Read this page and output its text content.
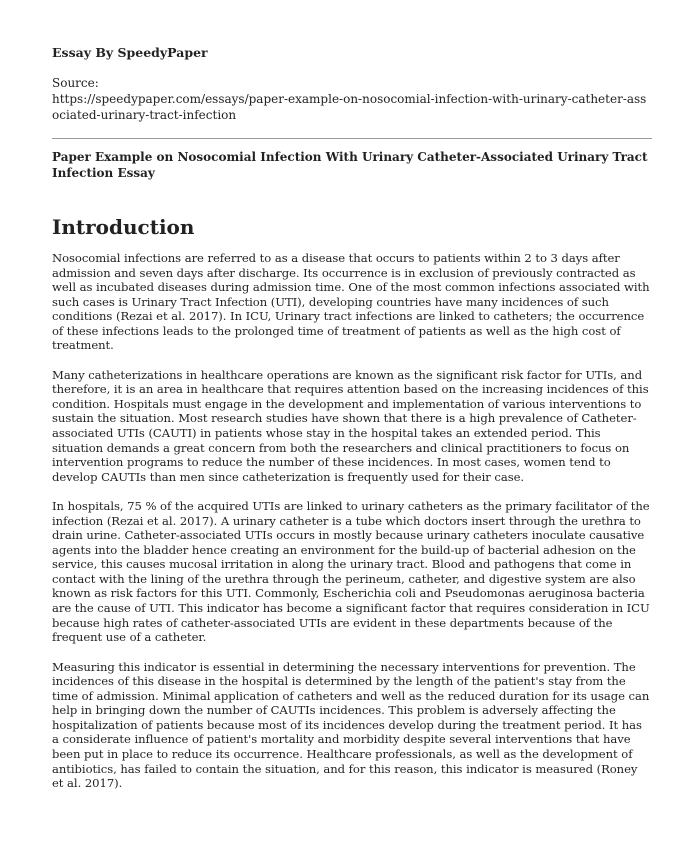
Essay By SpeedyPaper
Source:
https://speedypaper.com/essays/paper-example-on-nosocomial-infection-with-urinary-catheter-associated-urinary-tract-infection
Paper Example on Nosocomial Infection With Urinary Catheter-Associated Urinary Tract Infection Essay
Introduction

Nosocomial infections are referred to as a disease that occurs to patients within 2 to 3 days after admission and seven days after discharge. Its occurrence is in exclusion of previously contracted as well as incubated diseases during admission time. One of the most common infections associated with such cases is Urinary Tract Infection (UTI), developing countries have many incidences of such conditions (Rezai et al. 2017). In ICU, Urinary tract infections are linked to catheters; the occurrence of these infections leads to the prolonged time of treatment of patients as well as the high cost of treatment.

Many catheterizations in healthcare operations are known as the significant risk factor for UTIs, and therefore, it is an area in healthcare that requires attention based on the increasing incidences of this condition. Hospitals must engage in the development and implementation of various interventions to sustain the situation. Most research studies have shown that there is a high prevalence of Catheter-associated UTIs (CAUTI) in patients whose stay in the hospital takes an extended period. This situation demands a great concern from both the researchers and clinical practitioners to focus on intervention programs to reduce the number of these incidences. In most cases, women tend to develop CAUTIs than men since catheterization is frequently used for their case.

In hospitals, 75 % of the acquired UTIs are linked to urinary catheters as the primary facilitator of the infection (Rezai et al. 2017). A urinary catheter is a tube which doctors insert through the urethra to drain urine. Catheter-associated UTIs occurs in mostly because urinary catheters inoculate causative agents into the bladder hence creating an environment for the build-up of bacterial adhesion on the service, this causes mucosal irritation in along the urinary tract. Blood and pathogens that come in contact with the lining of the urethra through the perineum, catheter, and digestive system are also known as risk factors for this UTI. Commonly, Escherichia coli and Pseudomonas aeruginosa bacteria are the cause of UTI. This indicator has become a significant factor that requires consideration in ICU because high rates of catheter-associated UTIs are evident in these departments because of the frequent use of a catheter.

Measuring this indicator is essential in determining the necessary interventions for prevention. The incidences of this disease in the hospital is determined by the length of the patient's stay from the time of admission. Minimal application of catheters and well as the reduced duration for its usage can help in bringing down the number of CAUTIs incidences. This problem is adversely affecting the hospitalization of patients because most of its incidences develop during the treatment period. It has a considerate influence of patient's mortality and morbidity despite several interventions that have been put in place to reduce its occurrence. Healthcare professionals, as well as the development of antibiotics, has failed to contain the situation, and for this reason, this indicator is measured (Roney et al. 2017).
